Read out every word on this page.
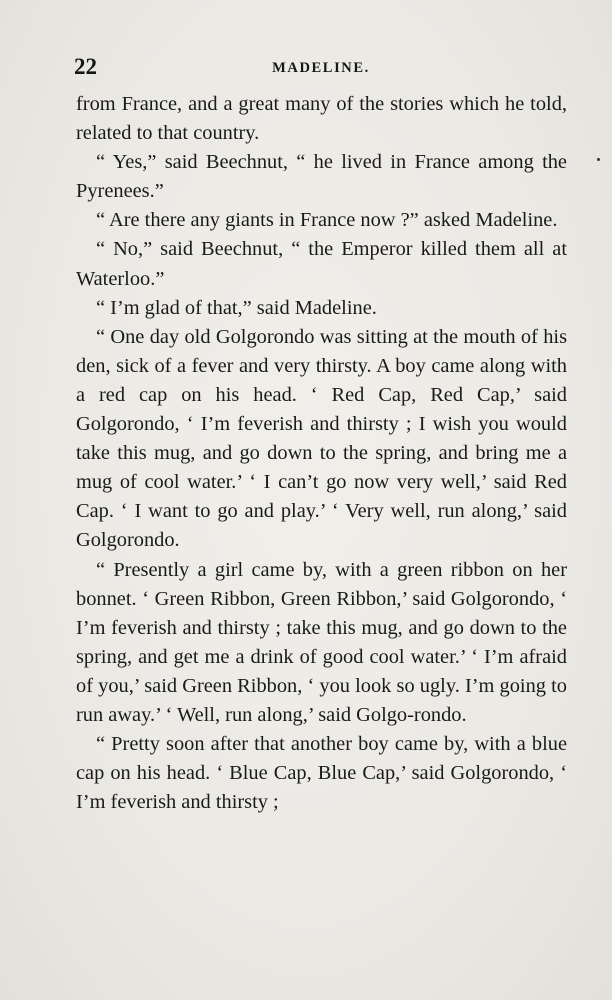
22	MADELINE.

from France, and a great many of the stories which he told, related to that country.

“ Yes,” said Beechnut, “ he lived in France among the Pyrenees.”

“ Are there any giants in France now ?” asked Madeline.

“ No,” said Beechnut, “ the Emperor killed them all at Waterloo.”

“ I’m glad of that,” said Madeline.

“ One day old Golgorondo was sitting at the mouth of his den, sick of a fever and very thirsty. A boy came along with a red cap on his head. ‘ Red Cap, Red Cap,’ said Golgorondo, ‘ I’m feverish and thirsty ; I wish you would take this mug, and go down to the spring, and bring me a mug of cool water.’ ‘ I can’t go now very well,’ said Red Cap. ‘ I want to go and play.’ ‘ Very well, run along,’ said Golgorondo.

“ Presently a girl came by, with a green ribbon on her bonnet. ‘ Green Ribbon, Green Ribbon,’ said Golgorondo, ‘ I’m feverish and thirsty ; take this mug, and go down to the spring, and get me a drink of good cool water.’ ‘ I’m afraid of you,’ said Green Ribbon, ‘ you look so ugly. I’m going to run away.’ ‘ Well, run along,’ said Golgo-rondo.

“ Pretty soon after that another boy came by, with a blue cap on his head. ‘ Blue Cap, Blue Cap,’ said Golgorondo, ‘ I’m feverish and thirsty ;
